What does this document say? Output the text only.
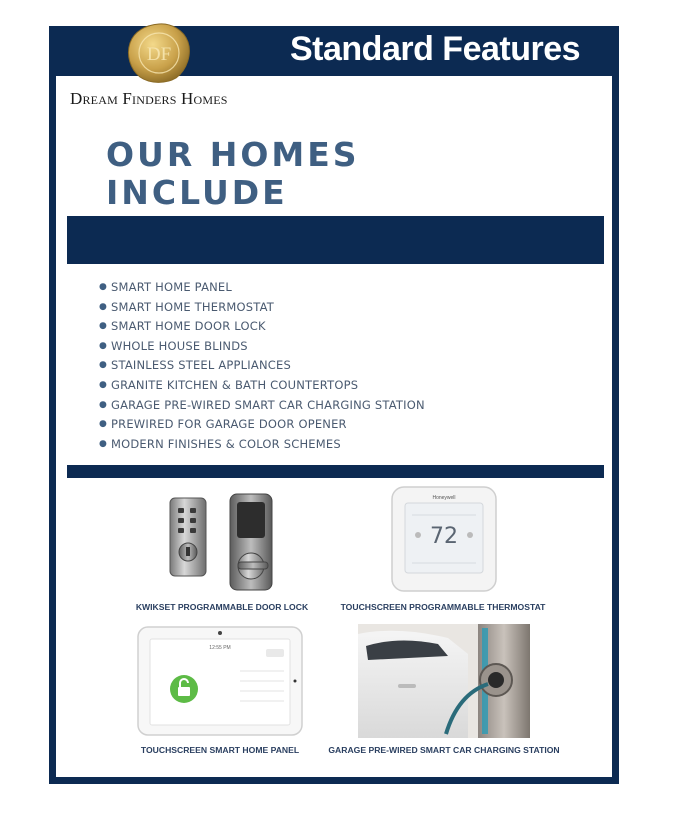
Standard Features
DF
Dream Finders Homes
OUR HOMES
INCLUDE
● SMART HOME PANEL
● SMART HOME THERMOSTAT
● SMART HOME DOOR LOCK
● WHOLE HOUSE BLINDS
● STAINLESS STEEL APPLIANCES
● GRANITE KITCHEN & BATH COUNTERTOPS
● GARAGE PRE-WIRED SMART CAR CHARGING STATION
● PREWIRED FOR GARAGE DOOR OPENER
● MODERN FINISHES & COLOR SCHEMES
KWIKSET PROGRAMMABLE DOOR LOCK
Honeywell
72
TOUCHSCREEN PROGRAMMABLE THERMOSTAT
12:55 PM
TOUCHSCREEN SMART HOME PANEL	GARAGE PRE-WIRED SMART CAR CHARGING STATION
